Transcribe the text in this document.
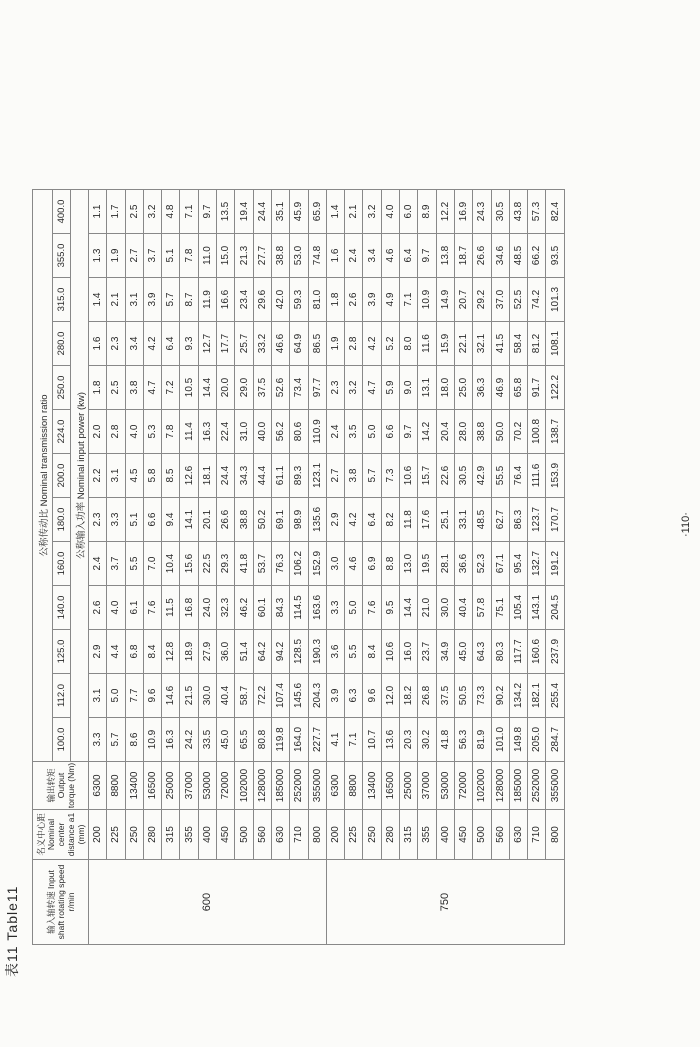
表11 Table11	输入轴转速 Input shaft rotating speed r/min	名义中心距 Nominal center distance a1 (mm)	输出转矩 Output torque (Nm)	公称传动比 Nominal transmission ratio												
			100.0	112.0	125.0	140.0	160.0	180.0	200.0	224.0	250.0	280.0	315.0	355.0	400.0
			公称输入功率 Nominal input power (kw)												
600	200	6300	3.3	3.1	2.9	2.6	2.4	2.3	2.2	2.0	1.8	1.6	1.4	1.3	1.1
	225	8800	5.7	5.0	4.4	4.0	3.7	3.3	3.1	2.8	2.5	2.3	2.1	1.9	1.7
	250	13400	8.6	7.7	6.8	6.1	5.5	5.1	4.5	4.0	3.8	3.4	3.1	2.7	2.5
	280	16500	10.9	9.6	8.4	7.6	7.0	6.6	5.8	5.3	4.7	4.2	3.9	3.7	3.2
	315	25000	16.3	14.6	12.8	11.5	10.4	9.4	8.5	7.8	7.2	6.4	5.7	5.1	4.8
	355	37000	24.2	21.5	18.9	16.8	15.6	14.1	12.6	11.4	10.5	9.3	8.7	7.8	7.1
	400	53000	33.5	30.0	27.9	24.0	22.5	20.1	18.1	16.3	14.4	12.7	11.9	11.0	9.7
	450	72000	45.0	40.4	36.0	32.3	29.3	26.6	24.4	22.4	20.0	17.7	16.6	15.0	13.5
	500	102000	65.5	58.7	51.4	46.2	41.8	38.8	34.3	31.0	29.0	25.7	23.4	21.3	19.4
	560	128000	80.8	72.2	64.2	60.1	53.7	50.2	44.4	40.0	37.5	33.2	29.6	27.7	24.4
	630	185000	119.8	107.4	94.2	84.3	76.3	69.1	61.1	56.2	52.6	46.6	42.0	38.8	35.1
	710	252000	164.0	145.6	128.5	114.5	106.2	98.9	89.3	80.6	73.4	64.9	59.3	53.0	45.9
	800	355000	227.7	204.3	190.3	163.6	152.9	135.6	123.1	110.9	97.7	86.5	81.0	74.8	65.9
750	200	6300	4.1	3.9	3.6	3.3	3.0	2.9	2.7	2.4	2.3	1.9	1.8	1.6	1.4
	225	8800	7.1	6.3	5.5	5.0	4.6	4.2	3.8	3.5	3.2	2.8	2.6	2.4	2.1
	250	13400	10.7	9.6	8.4	7.6	6.9	6.4	5.7	5.0	4.7	4.2	3.9	3.4	3.2
	280	16500	13.6	12.0	10.6	9.5	8.8	8.2	7.3	6.6	5.9	5.2	4.9	4.6	4.0
	315	25000	20.3	18.2	16.0	14.4	13.0	11.8	10.6	9.7	9.0	8.0	7.1	6.4	6.0
	355	37000	30.2	26.8	23.7	21.0	19.5	17.6	15.7	14.2	13.1	11.6	10.9	9.7	8.9
	400	53000	41.8	37.5	34.9	30.0	28.1	25.1	22.6	20.4	18.0	15.9	14.9	13.8	12.2
	450	72000	56.3	50.5	45.0	40.4	36.6	33.1	30.5	28.0	25.0	22.1	20.7	18.7	16.9
	500	102000	81.9	73.3	64.3	57.8	52.3	48.5	42.9	38.8	36.3	32.1	29.2	26.6	24.3
	560	128000	101.0	90.2	80.3	75.1	67.1	62.7	55.5	50.0	46.9	41.5	37.0	34.6	30.5
	630	185000	149.8	134.2	117.7	105.4	95.4	86.3	76.4	70.2	65.8	58.4	52.5	48.5	43.8
	710	252000	205.0	182.1	160.6	143.1	132.7	123.7	111.6	100.8	91.7	81.2	74.2	66.2	57.3
	800	355000	284.7	255.4	237.9	204.5	191.2	170.7	153.9	138.7	122.2	108.1	101.3	93.5	82.4
·110·
